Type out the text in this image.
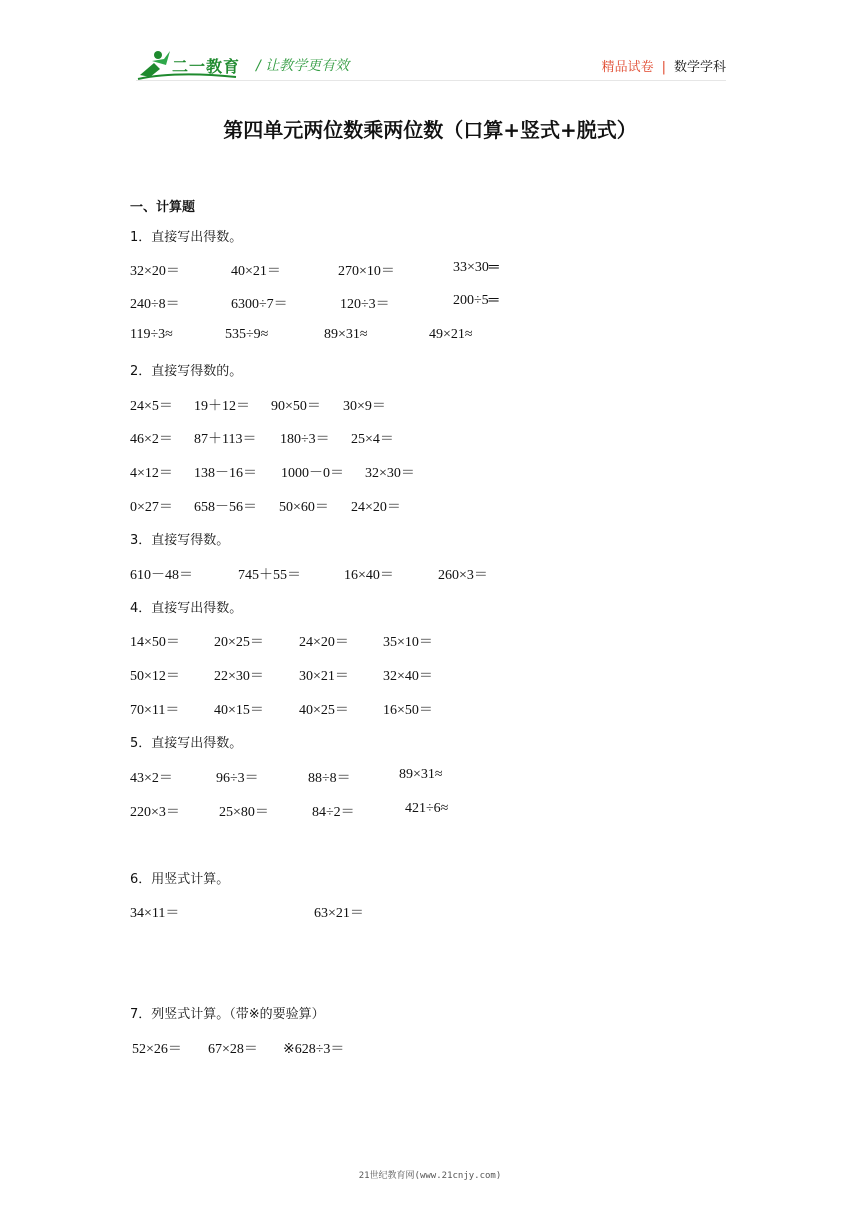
二一教育 / 让教学更有效	精品试卷 | 数学学科
第四单元两位数乘两位数（口算+竖式+脱式）
一、计算题
1．直接写出得数。
2．直接写得数的。
3．直接写得数。
4．直接写出得数。
5．直接写出得数。
6．用竖式计算。
7．列竖式计算。（带※的要验算）
32×20＝	40×21＝	270×10＝	33×30═
240÷8＝	6300÷7＝	120÷3＝	200÷5═
119÷3≈	535÷9≈	89×31≈	49×21≈
24×5＝ 19＋12＝ 90×50＝ 30×9＝
46×2＝ 87＋113＝ 180÷3＝ 25×4＝
4×12＝ 138－16＝ 1000－0＝ 32×30＝
0×27＝ 658－56＝ 50×60＝ 24×20＝
610－48＝	745＋55＝	16×40＝	260×3＝
14×50＝ 20×25＝	24×20＝ 35×10＝
50×12＝ 22×30＝	30×21＝ 32×40＝
70×11＝ 40×15＝	40×25＝ 16×50＝
43×2＝	96÷3＝	88÷8＝	89×31≈
220×3＝	25×80＝	84÷2＝	421÷6≈
34×11＝	63×21＝
52×26＝ 67×28＝ ※628÷3＝
21世纪教育网(www.21cnjy.com)
